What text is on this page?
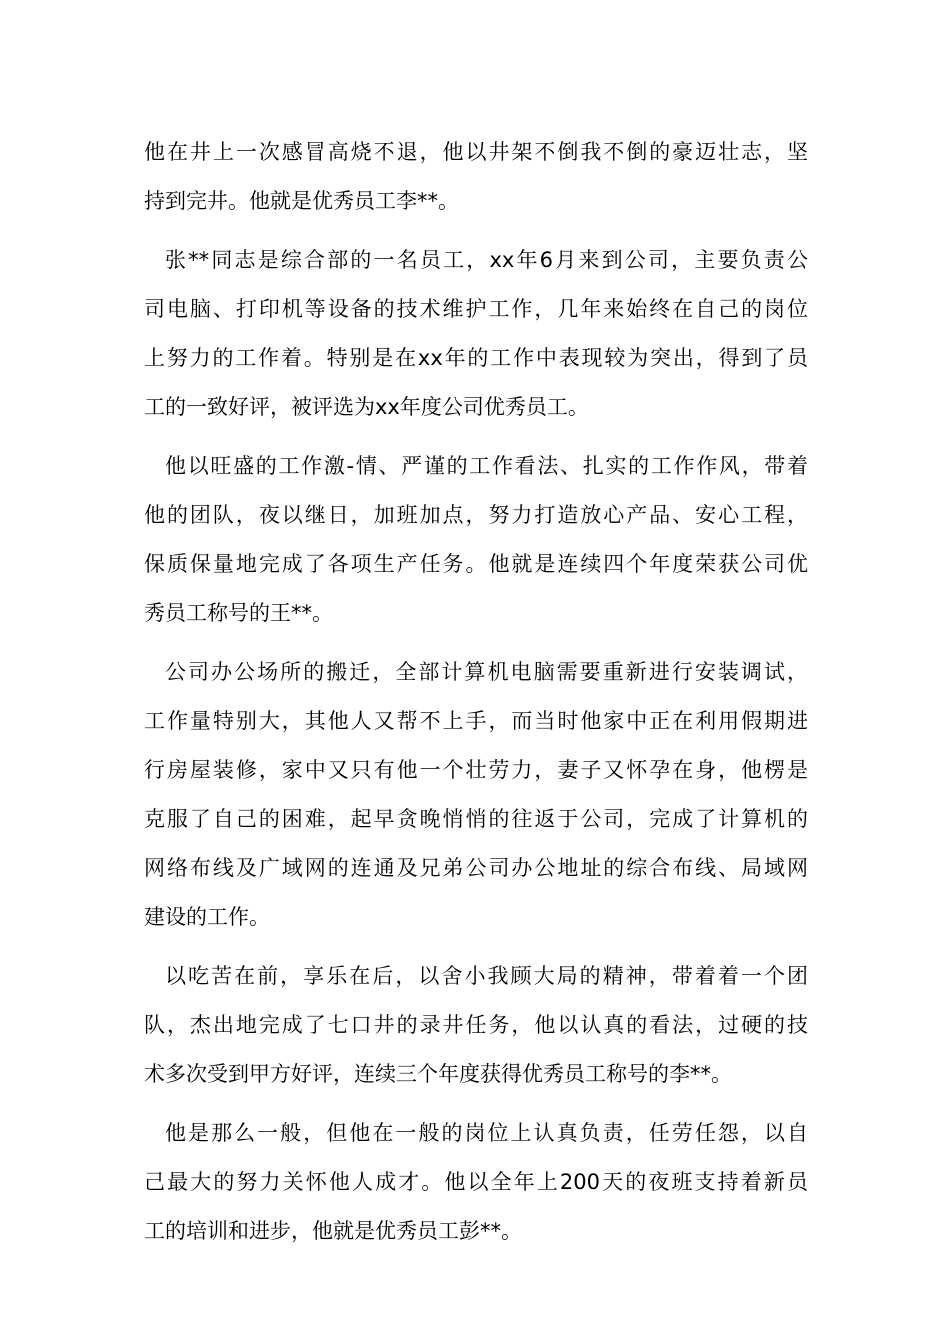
他在井上一次感冒高烧不退，他以井架不倒我不倒的豪迈壮志，坚
持到完井。他就是优秀员工李**。
张**同志是综合部的一名员工，xx年6月来到公司，主要负责公
司电脑、打印机等设备的技术维护工作，几年来始终在自己的岗位
上努力的工作着。特别是在xx年的工作中表现较为突出，得到了员
工的一致好评，被评选为xx年度公司优秀员工。
他以旺盛的工作激-情、严谨的工作看法、扎实的工作作风，带着
他的团队，夜以继日，加班加点，努力打造放心产品、安心工程，
保质保量地完成了各项生产任务。他就是连续四个年度荣获公司优
秀员工称号的王**。
公司办公场所的搬迁，全部计算机电脑需要重新进行安装调试，
工作量特别大，其他人又帮不上手，而当时他家中正在利用假期进
行房屋装修，家中又只有他一个壮劳力，妻子又怀孕在身，他楞是
克服了自己的困难，起早贪晚悄悄的往返于公司，完成了计算机的
网络布线及广域网的连通及兄弟公司办公地址的综合布线、局域网
建设的工作。
以吃苦在前，享乐在后，以舍小我顾大局的精神，带着着一个团
队，杰出地完成了七口井的录井任务，他以认真的看法，过硬的技
术多次受到甲方好评，连续三个年度获得优秀员工称号的李**。
他是那么一般，但他在一般的岗位上认真负责，任劳任怨，以自
己最大的努力关怀他人成才。他以全年上200天的夜班支持着新员
工的培训和进步，他就是优秀员工彭**。
